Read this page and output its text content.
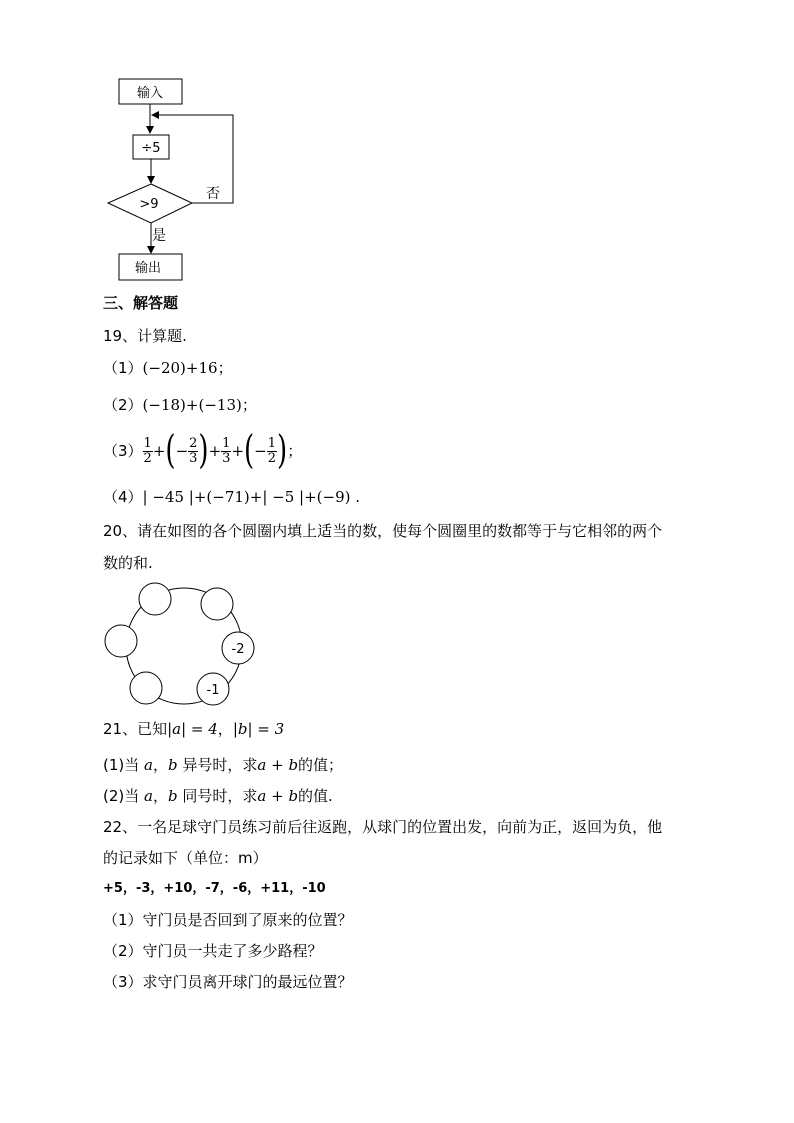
输入
÷5
>9
否
是
输出
三、解答题
19、计算题.
（1）(−20)+16；
（2）(−18)+(−13)；
$(3) \frac{1}{2}$ + ( − $\frac{2}{3}$ ) + $\frac{1}{3}$ + ( − $\frac{1}{2}$ ) ；
（4）| −45 |+(−71)+| −5 |+(−9) .
20、请在如图的各个圆圈内填上适当的数，使每个圆圈里的数都等于与它相邻的两个
数的和.
-2
-1
21、已知|a| = 4，|b| = 3
(1)当 a，b 异号时，求a + b的值；
(2)当 a，b 同号时，求a + b的值.
22、一名足球守门员练习前后往返跑，从球门的位置出发，向前为正，返回为负，他
的记录如下（单位：m）
+5，-3，+10，-7，-6，+11，-10
（1）守门员是否回到了原来的位置？
（2）守门员一共走了多少路程？
（3）求守门员离开球门的最远位置？
